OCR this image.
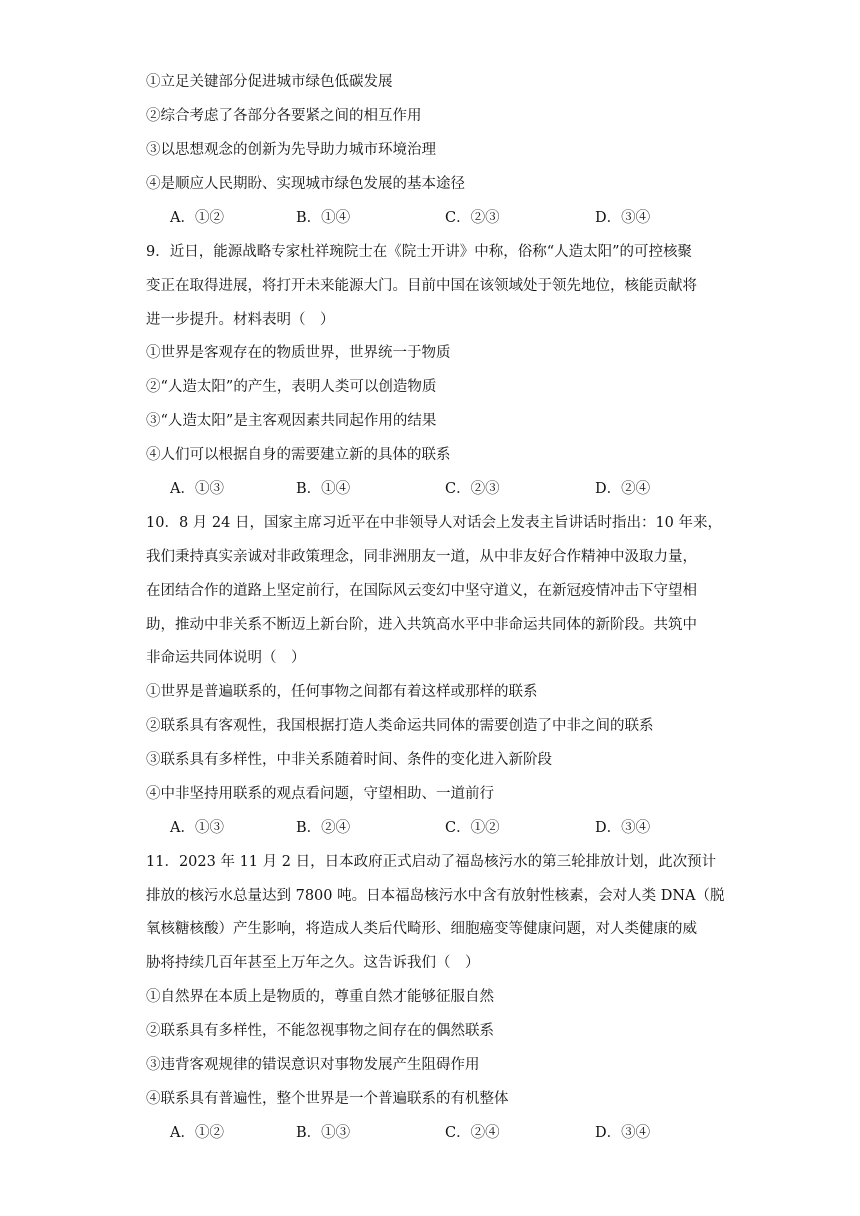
①立足关键部分促进城市绿色低碳发展
②综合考虑了各部分各要紧之间的相互作用
③以思想观念的创新为先导助力城市环境治理
④是顺应人民期盼、实现城市绿色发展的基本途径
A．①②	B．①④	C．②③	D．③④
9．近日，能源战略专家杜祥琬院士在《院士开讲》中称，俗称“人造太阳”的可控核聚
变正在取得进展，将打开未来能源大门。目前中国在该领域处于领先地位，核能贡献将
进一步提升。材料表明（　）
①世界是客观存在的物质世界，世界统一于物质
②“人造太阳”的产生，表明人类可以创造物质
③“人造太阳”是主客观因素共同起作用的结果
④人们可以根据自身的需要建立新的具体的联系
A．①③	B．①④	C．②③	D．②④
10．8 月 24 日，国家主席习近平在中非领导人对话会上发表主旨讲话时指出：10 年来，
我们秉持真实亲诚对非政策理念，同非洲朋友一道，从中非友好合作精神中汲取力量，
在团结合作的道路上坚定前行，在国际风云变幻中坚守道义，在新冠疫情冲击下守望相
助，推动中非关系不断迈上新台阶，进入共筑高水平中非命运共同体的新阶段。共筑中
非命运共同体说明（　）
①世界是普遍联系的，任何事物之间都有着这样或那样的联系
②联系具有客观性，我国根据打造人类命运共同体的需要创造了中非之间的联系
③联系具有多样性，中非关系随着时间、条件的变化进入新阶段
④中非坚持用联系的观点看问题，守望相助、一道前行
A．①③	B．②④	C．①②	D．③④
11．2023 年 11 月 2 日，日本政府正式启动了福岛核污水的第三轮排放计划，此次预计
排放的核污水总量达到 7800 吨。日本福岛核污水中含有放射性核素，会对人类 DNA（脱
氧核糖核酸）产生影响，将造成人类后代畸形、细胞癌变等健康问题，对人类健康的威
胁将持续几百年甚至上万年之久。这告诉我们（　）
①自然界在本质上是物质的，尊重自然才能够征服自然
②联系具有多样性，不能忽视事物之间存在的偶然联系
③违背客观规律的错误意识对事物发展产生阻碍作用
④联系具有普遍性，整个世界是一个普遍联系的有机整体
A．①②	B．①③	C．②④	D．③④
